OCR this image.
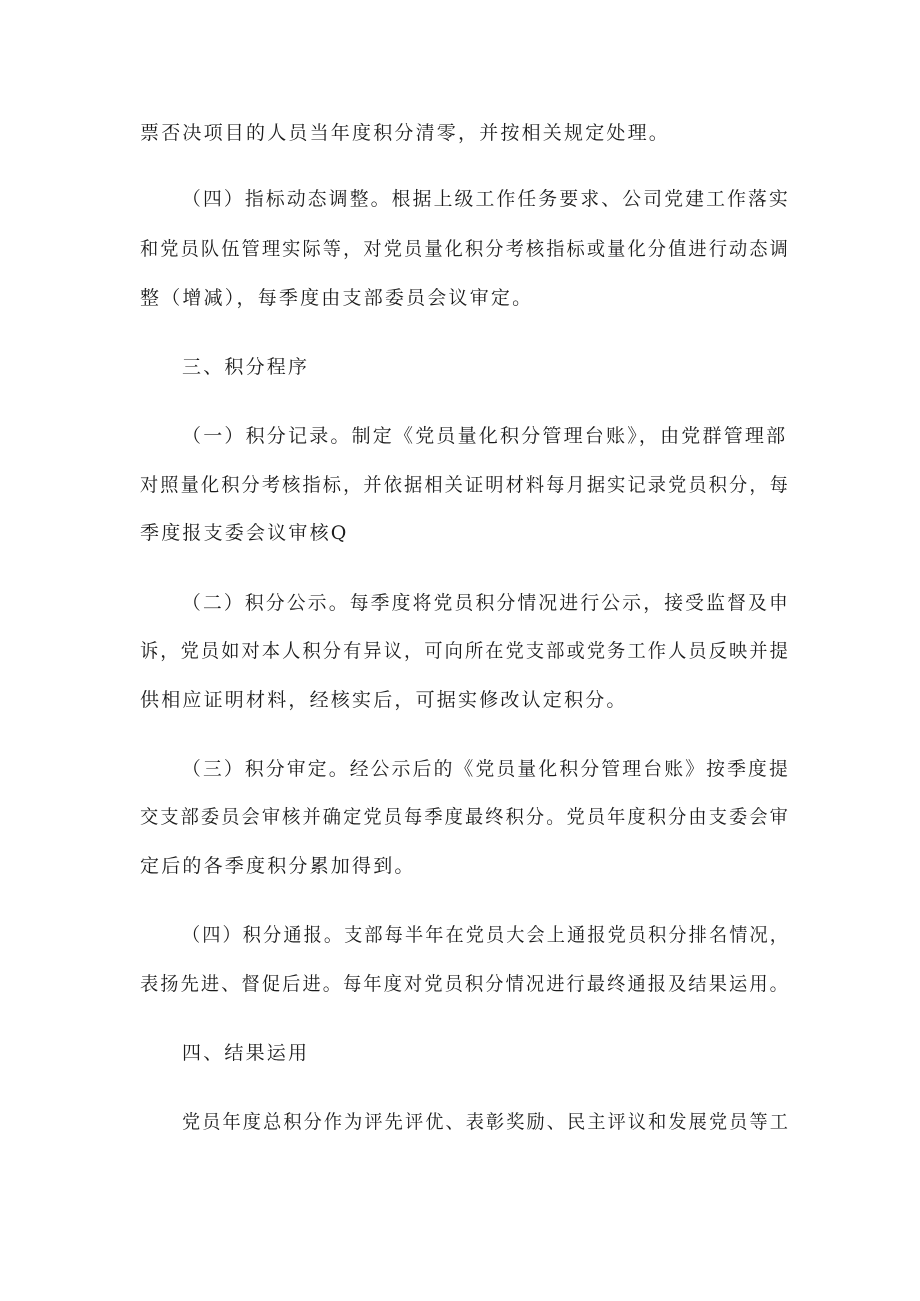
票否决项目的人员当年度积分清零，并按相关规定处理。
（四）指标动态调整。根据上级工作任务要求、公司党建工作落实
和党员队伍管理实际等，对党员量化积分考核指标或量化分值进行动态调
整（增减），每季度由支部委员会议审定。
三、积分程序
（一）积分记录。制定《党员量化积分管理台账》，由党群管理部
对照量化积分考核指标，并依据相关证明材料每月据实记录党员积分，每
季度报支委会议审核Q
（二）积分公示。每季度将党员积分情况进行公示，接受监督及申
诉，党员如对本人积分有异议，可向所在党支部或党务工作人员反映并提
供相应证明材料，经核实后，可据实修改认定积分。
（三）积分审定。经公示后的《党员量化积分管理台账》按季度提
交支部委员会审核并确定党员每季度最终积分。党员年度积分由支委会审
定后的各季度积分累加得到。
（四）积分通报。支部每半年在党员大会上通报党员积分排名情况，
表扬先进、督促后进。每年度对党员积分情况进行最终通报及结果运用。
四、结果运用
党员年度总积分作为评先评优、表彰奖励、民主评议和发展党员等工
